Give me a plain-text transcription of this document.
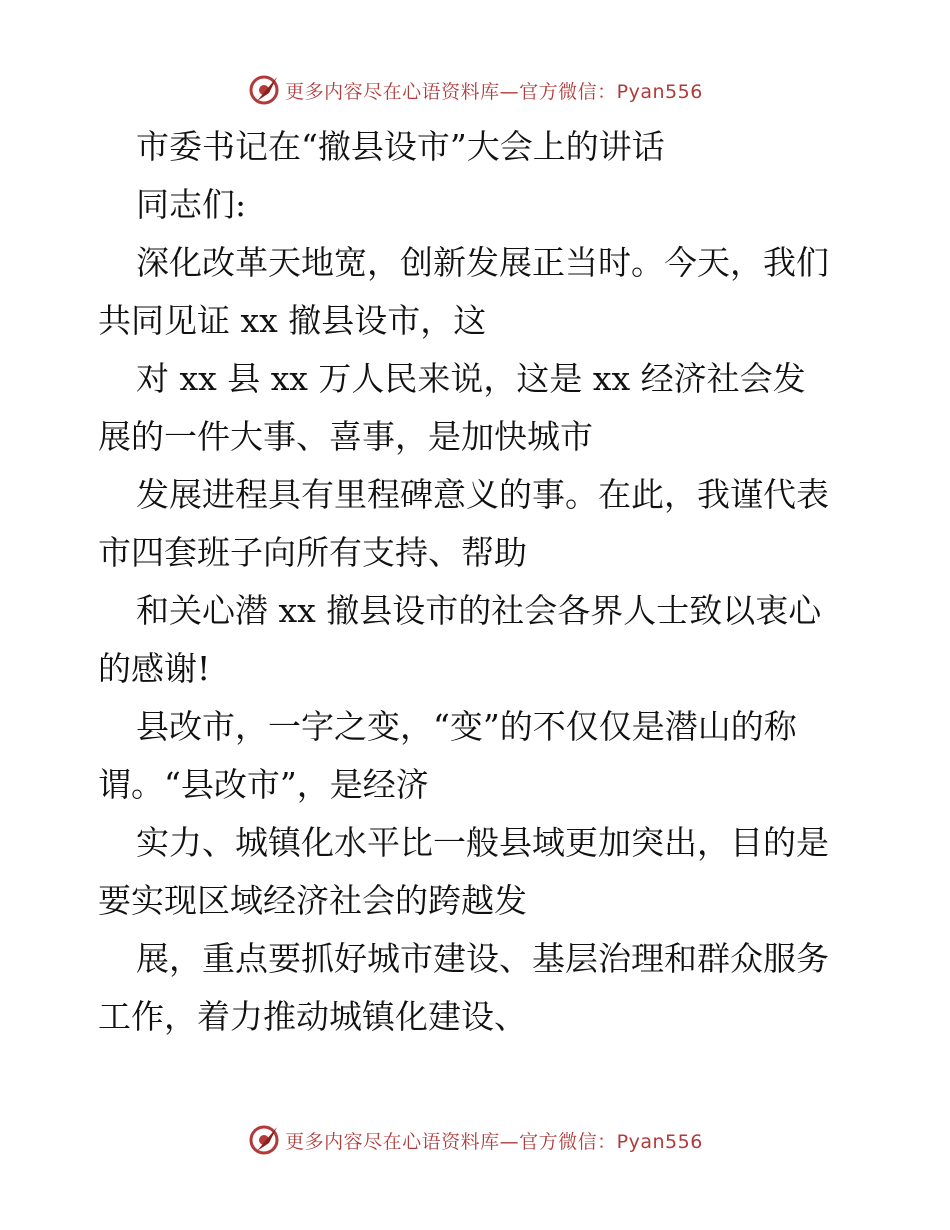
更多内容尽在心语资料库—官方微信：Pyan556

市委书记在“撤县设市”大会上的讲话

同志们:

深化改革天地宽，创新发展正当时。今天，我们

共同见证 xx 撤县设市，这

对 xx 县 xx 万人民来说，这是 xx 经济社会发

展的一件大事、喜事，是加快城市

发展进程具有里程碑意义的事。在此，我谨代表

市四套班子向所有支持、帮助

和关心潜 xx 撤县设市的社会各界人士致以衷心

的感谢!

县改市，一字之变，“变”的不仅仅是潜山的称

谓。“县改市”，是经济

实力、城镇化水平比一般县域更加突出，目的是

要实现区域经济社会的跨越发

展，重点要抓好城市建设、基层治理和群众服务

工作，着力推动城镇化建设、

更多内容尽在心语资料库—官方微信：Pyan556
